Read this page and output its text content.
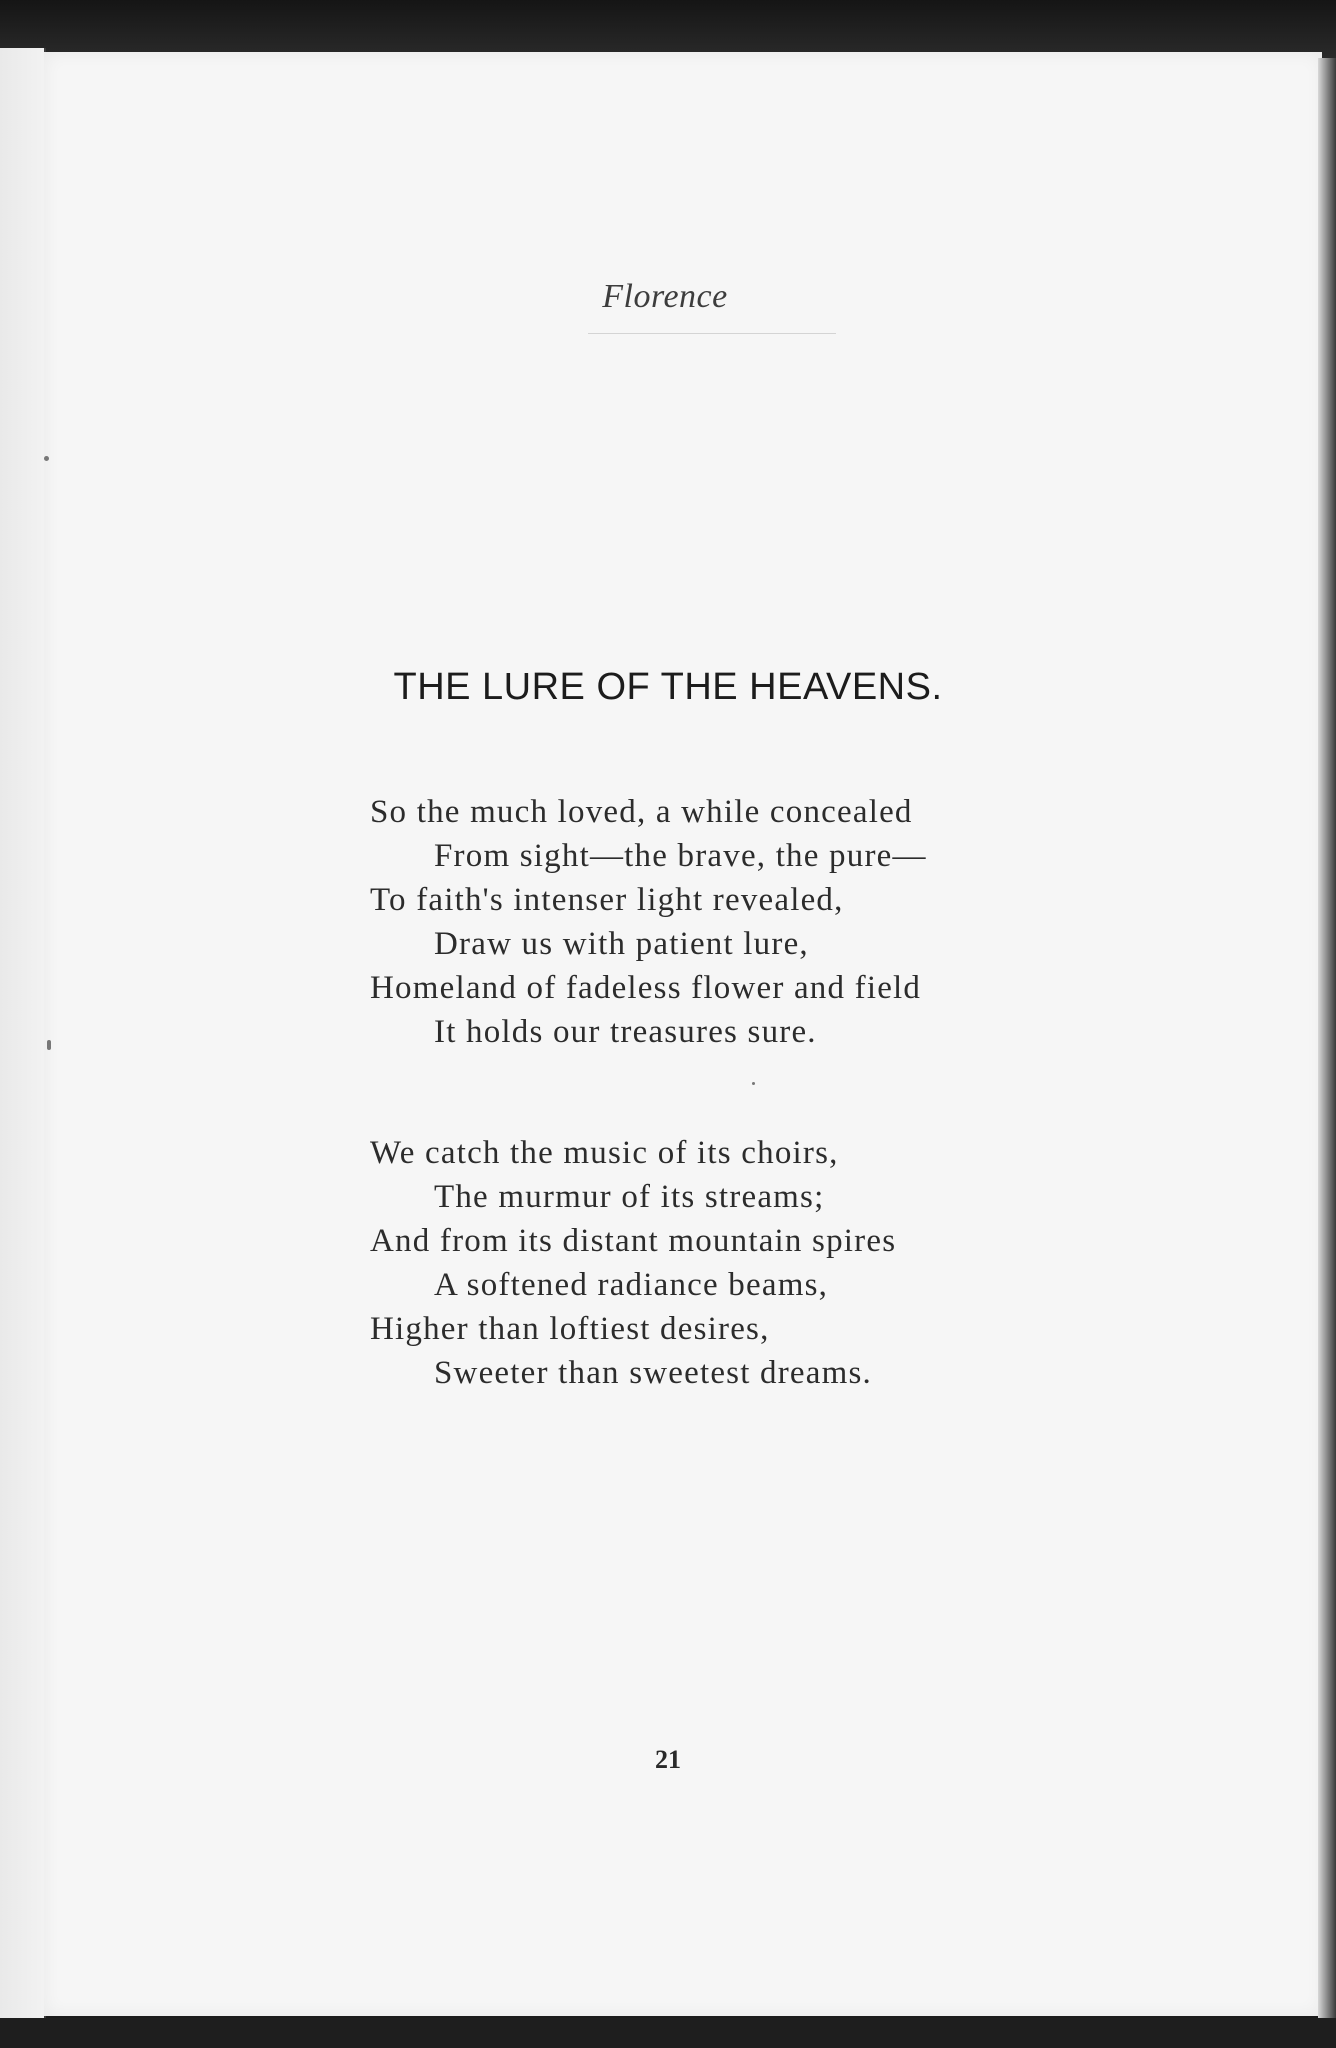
Florence
THE LURE OF THE HEAVENS.
So the much loved, a while concealed
From sight—the brave, the pure—
To faith's intenser light revealed,
Draw us with patient lure,
Homeland of fadeless flower and field
It holds our treasures sure.
We catch the music of its choirs,
The murmur of its streams;
And from its distant mountain spires
A softened radiance beams,
Higher than loftiest desires,
Sweeter than sweetest dreams.
21
